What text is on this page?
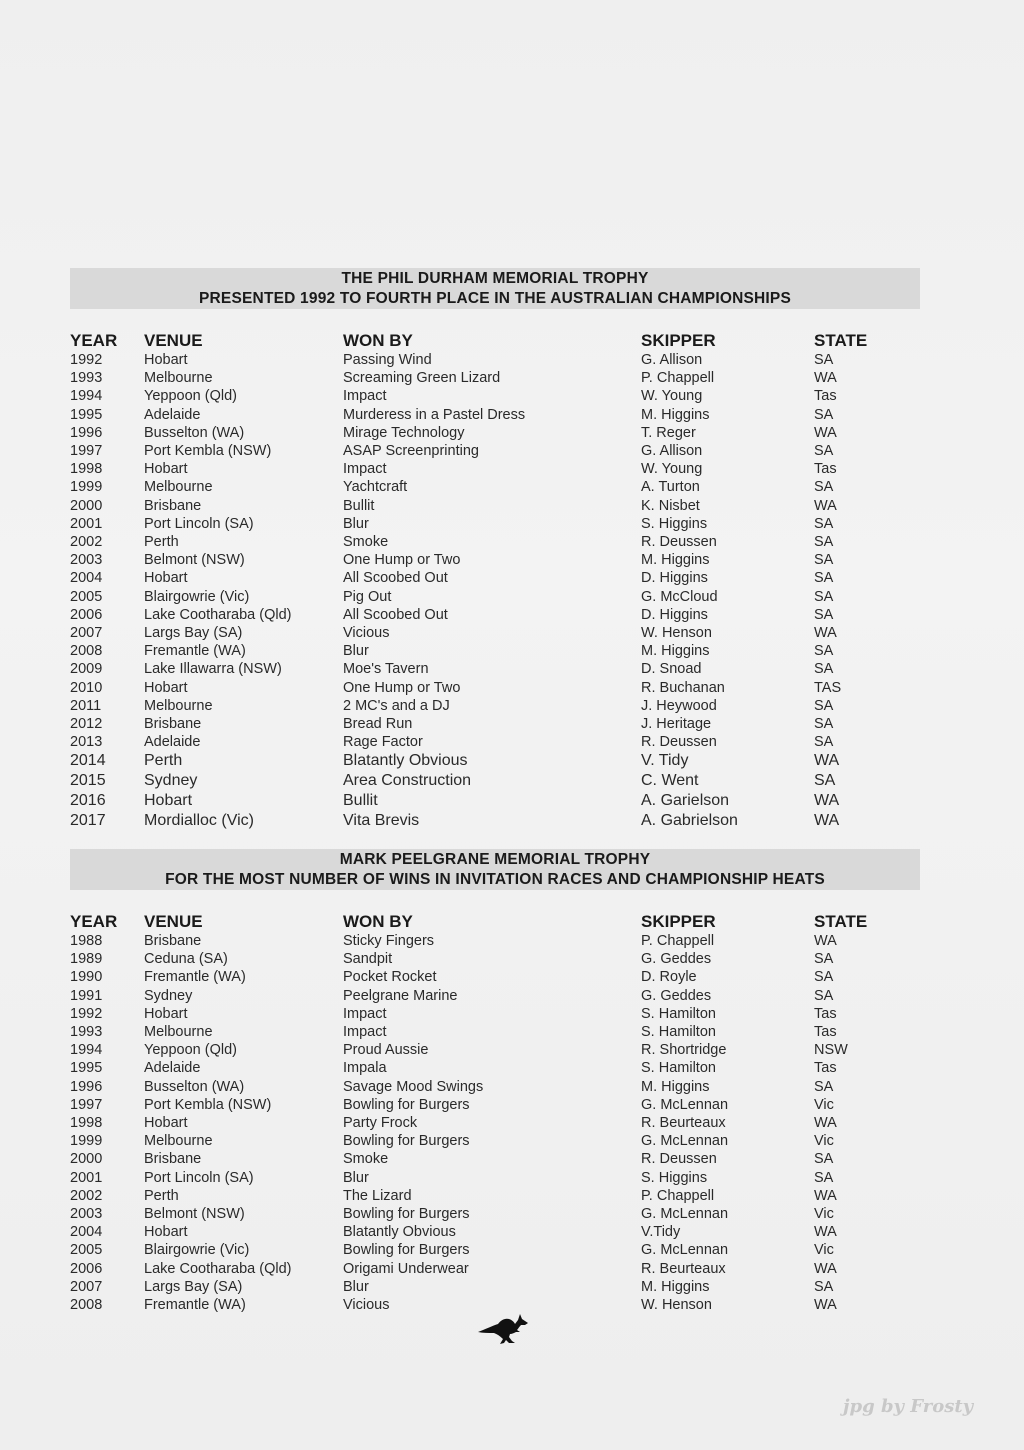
THE PHIL DURHAM MEMORIAL TROPHY
PRESENTED 1992 TO FOURTH PLACE IN THE AUSTRALIAN CHAMPIONSHIPS
YEAR	VENUE	WON BY	SKIPPER	STATE
1992	Hobart	Passing Wind	G. Allison	SA
1993	Melbourne	Screaming Green Lizard	P. Chappell	WA
1994	Yeppoon (Qld)	Impact	W. Young	Tas
1995	Adelaide	Murderess in a Pastel Dress	M. Higgins	SA
1996	Busselton (WA)	Mirage Technology	T. Reger	WA
1997	Port Kembla (NSW)	ASAP Screenprinting	G. Allison	SA
1998	Hobart	Impact	W. Young	Tas
1999	Melbourne	Yachtcraft	A. Turton	SA
2000	Brisbane	Bullit	K. Nisbet	WA
2001	Port Lincoln (SA)	Blur	S. Higgins	SA
2002	Perth	Smoke	R. Deussen	SA
2003	Belmont (NSW)	One Hump or Two	M. Higgins	SA
2004	Hobart	All Scoobed Out	D. Higgins	SA
2005	Blairgowrie (Vic)	Pig Out	G. McCloud	SA
2006	Lake Cootharaba (Qld)	All Scoobed Out	D. Higgins	SA
2007	Largs Bay (SA)	Vicious	W. Henson	WA
2008	Fremantle (WA)	Blur	M. Higgins	SA
2009	Lake Illawarra (NSW)	Moe's Tavern	D. Snoad	SA
2010	Hobart	One Hump or Two	R. Buchanan	TAS
2011	Melbourne	2 MC's and a DJ	J. Heywood	SA
2012	Brisbane	Bread Run	J. Heritage	SA
2013	Adelaide	Rage Factor	R. Deussen	SA
2014	Perth	Blatantly Obvious	V. Tidy	WA
2015	Sydney	Area Construction	C. Went	SA
2016	Hobart	Bullit	A. Garielson	WA
2017	Mordialloc (Vic)	Vita Brevis	A. Gabrielson	WA
MARK PEELGRANE MEMORIAL TROPHY
FOR THE MOST NUMBER OF WINS IN INVITATION RACES AND CHAMPIONSHIP HEATS
YEAR	VENUE	WON BY	SKIPPER	STATE
1988	Brisbane	Sticky Fingers	P. Chappell	WA
1989	Ceduna (SA)	Sandpit	G. Geddes	SA
1990	Fremantle (WA)	Pocket Rocket	D. Royle	SA
1991	Sydney	Peelgrane Marine	G. Geddes	SA
1992	Hobart	Impact	S. Hamilton	Tas
1993	Melbourne	Impact	S. Hamilton	Tas
1994	Yeppoon (Qld)	Proud Aussie	R. Shortridge	NSW
1995	Adelaide	Impala	S. Hamilton	Tas
1996	Busselton (WA)	Savage Mood Swings	M. Higgins	SA
1997	Port Kembla (NSW)	Bowling for Burgers	G. McLennan	Vic
1998	Hobart	Party Frock	R. Beurteaux	WA
1999	Melbourne	Bowling for Burgers	G. McLennan	Vic
2000	Brisbane	Smoke	R. Deussen	SA
2001	Port Lincoln (SA)	Blur	S. Higgins	SA
2002	Perth	The Lizard	P. Chappell	WA
2003	Belmont (NSW)	Bowling for Burgers	G. McLennan	Vic
2004	Hobart	Blatantly Obvious	V.Tidy	WA
2005	Blairgowrie (Vic)	Bowling for Burgers	G. McLennan	Vic
2006	Lake Cootharaba (Qld)	Origami Underwear	R. Beurteaux	WA
2007	Largs Bay (SA)	Blur	M. Higgins	SA
2008	Fremantle (WA)	Vicious	W. Henson	WA
jpg by Frosty
